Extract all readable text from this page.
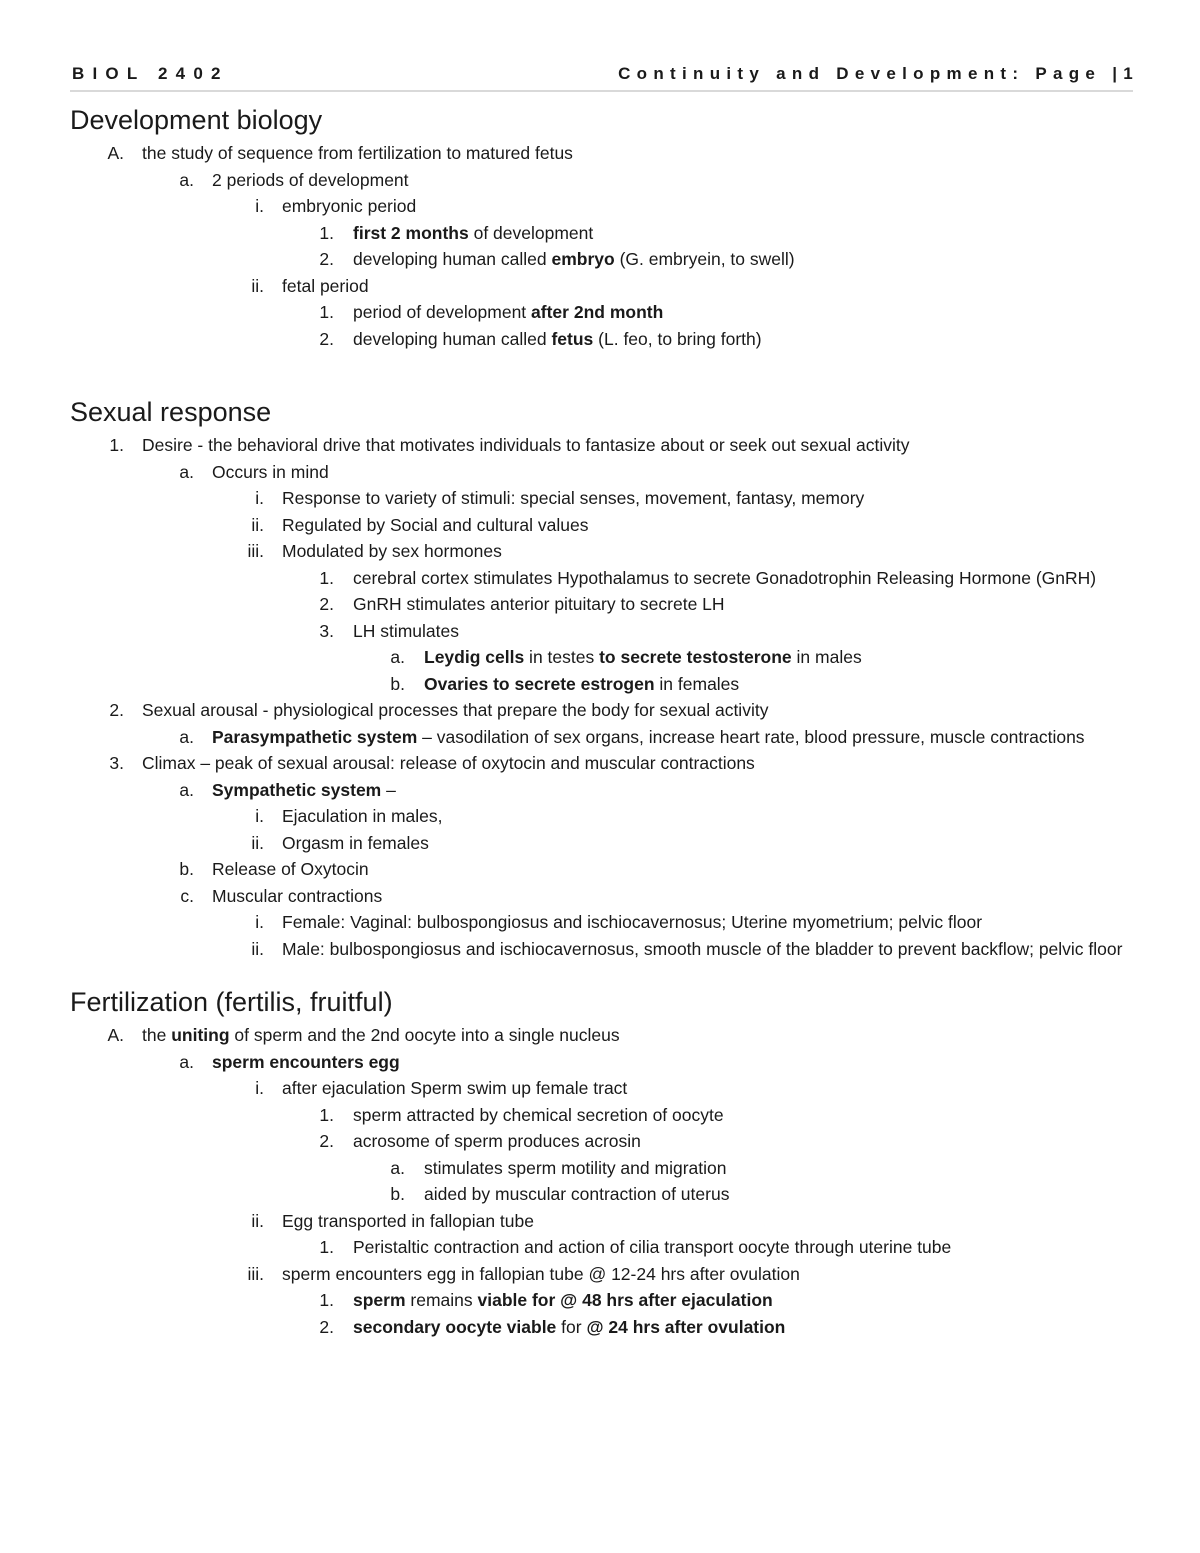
BIOL 2402	Continuity and Development: Page |1
Development biology
A. the study of sequence from fertilization to matured fetus
a. 2 periods of development
i. embryonic period
1. first 2 months of development
2. developing human called embryo (G. embryein, to swell)
ii. fetal period
1. period of development after 2nd month
2. developing human called fetus (L. feo, to bring forth)
Sexual response
1. Desire - the behavioral drive that motivates individuals to fantasize about or seek out sexual activity
a. Occurs in mind
i. Response to variety of stimuli: special senses, movement, fantasy, memory
ii. Regulated by Social and cultural values
iii. Modulated by sex hormones
1. cerebral cortex stimulates Hypothalamus to secrete Gonadotrophin Releasing Hormone (GnRH)
2. GnRH stimulates anterior pituitary to secrete LH
3. LH stimulates
a. Leydig cells in testes to secrete testosterone in males
b. Ovaries to secrete estrogen in females
2. Sexual arousal - physiological processes that prepare the body for sexual activity
a. Parasympathetic system – vasodilation of sex organs, increase heart rate, blood pressure, muscle contractions
3. Climax – peak of sexual arousal: release of oxytocin and muscular contractions
a. Sympathetic system –
i. Ejaculation in males,
ii. Orgasm in females
b. Release of Oxytocin
c. Muscular contractions
i. Female: Vaginal: bulbospongiosus and ischiocavernosus; Uterine myometrium; pelvic floor
ii. Male: bulbospongiosus and ischiocavernosus, smooth muscle of the bladder to prevent backflow; pelvic floor
Fertilization (fertilis, fruitful)
A. the uniting of sperm and the 2nd oocyte into a single nucleus
a. sperm encounters egg
i. after ejaculation Sperm swim up female tract
1. sperm attracted by chemical secretion of oocyte
2. acrosome of sperm produces acrosin
a. stimulates sperm motility and migration
b. aided by muscular contraction of uterus
ii. Egg transported in fallopian tube
1. Peristaltic contraction and action of cilia transport oocyte through uterine tube
iii. sperm encounters egg in fallopian tube @ 12-24 hrs after ovulation
1. sperm remains viable for @ 48 hrs after ejaculation
2. secondary oocyte viable for @ 24 hrs after ovulation
